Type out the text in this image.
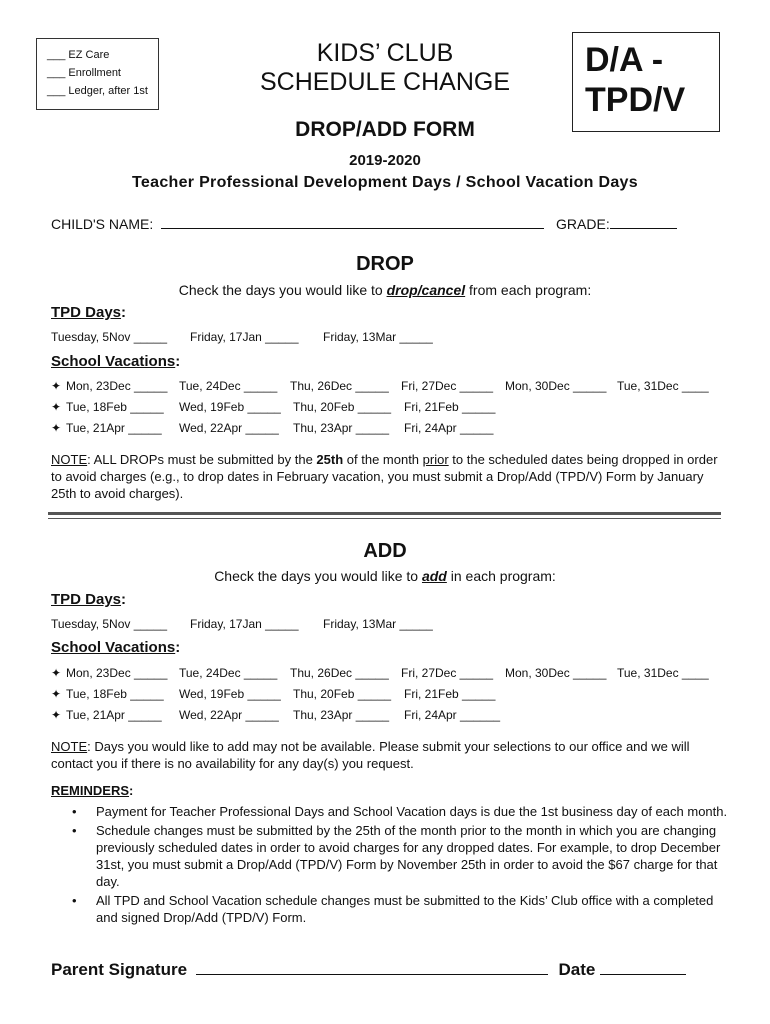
___ EZ Care
___ Enrollment
___ Ledger, after 1st
KIDS’ CLUB
SCHEDULE CHANGE
D/A -
TPD/V
DROP/ADD FORM
2019-2020
Teacher Professional Development Days / School Vacation Days
CHILD'S NAME:	GRADE:
DROP
Check the days you would like to drop/cancel from each program:
TPD Days:
Tuesday, 5Nov _____ Friday, 17Jan _____ Friday, 13Mar _____
School Vacations:
✦ Mon, 23Dec _____ Tue, 24Dec _____ Thu, 26Dec _____ Fri, 27Dec _____ Mon, 30Dec _____ Tue, 31Dec ____
✦ Tue, 18Feb _____ Wed, 19Feb _____ Thu, 20Feb _____ Fri, 21Feb _____
✦ Tue, 21Apr _____ Wed, 22Apr _____ Thu, 23Apr _____ Fri, 24Apr _____
NOTE: ALL DROPs must be submitted by the 25th of the month prior to the scheduled dates being dropped in order to avoid charges (e.g., to drop dates in February vacation, you must submit a Drop/Add (TPD/V) Form by January 25th to avoid charges).
ADD
Check the days you would like to add in each program:
TPD Days:
Tuesday, 5Nov _____ Friday, 17Jan _____ Friday, 13Mar _____
School Vacations:
✦ Mon, 23Dec _____ Tue, 24Dec _____ Thu, 26Dec _____ Fri, 27Dec _____ Mon, 30Dec _____ Tue, 31Dec ____
✦ Tue, 18Feb _____ Wed, 19Feb _____ Thu, 20Feb _____ Fri, 21Feb _____
✦ Tue, 21Apr _____ Wed, 22Apr _____ Thu, 23Apr _____ Fri, 24Apr ______
NOTE: Days you would like to add may not be available. Please submit your selections to our office and we will contact you if there is no availability for any day(s) you request.
REMINDERS:
• Payment for Teacher Professional Days and School Vacation days is due the 1st business day of each month.
• Schedule changes must be submitted by the 25th of the month prior to the month in which you are changing previously scheduled dates in order to avoid charges for any dropped dates. For example, to drop December 31st, you must submit a Drop/Add (TPD/V) Form by November 25th in order to avoid the $67 charge for that day.
• All TPD and School Vacation schedule changes must be submitted to the Kids’ Club office with a completed and signed Drop/Add (TPD/V) Form.
Parent Signature	Date
